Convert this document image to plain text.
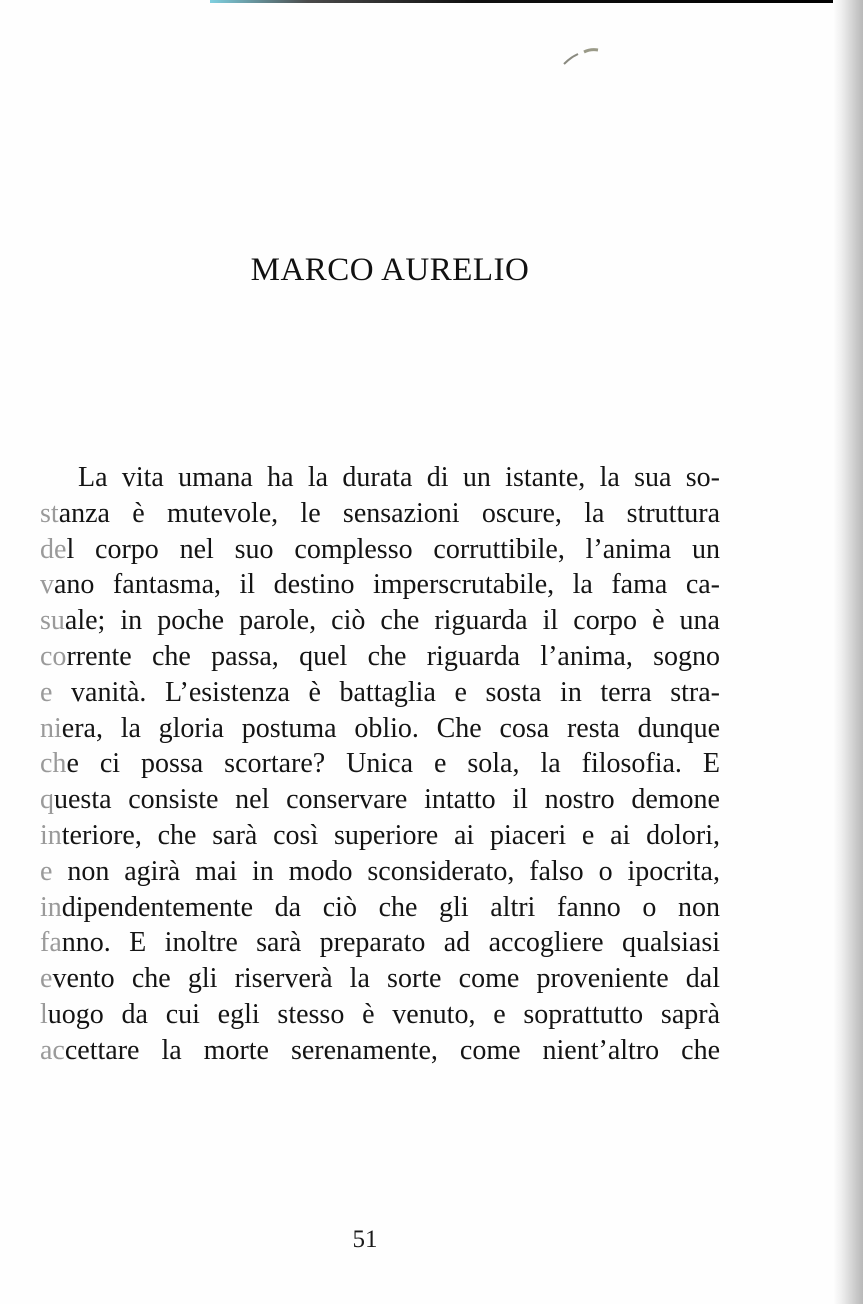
MARCO AURELIO
La vita umana ha la durata di un istante, la sua so-
stanza è mutevole, le sensazioni oscure, la struttura
del corpo nel suo complesso corruttibile, l’anima un
vano fantasma, il destino imperscrutabile, la fama ca-
suale; in poche parole, ciò che riguarda il corpo è una
corrente che passa, quel che riguarda l’anima, sogno
e vanità. L’esistenza è battaglia e sosta in terra stra-
niera, la gloria postuma oblio. Che cosa resta dunque
che ci possa scortare? Unica e sola, la filosofia. E
questa consiste nel conservare intatto il nostro demone
interiore, che sarà così superiore ai piaceri e ai dolori,
e non agirà mai in modo sconsiderato, falso o ipocrita,
indipendentemente da ciò che gli altri fanno o non
fanno. E inoltre sarà preparato ad accogliere qualsiasi
evento che gli riserverà la sorte come proveniente dal
luogo da cui egli stesso è venuto, e soprattutto saprà
accettare la morte serenamente, come nient’altro che
51
